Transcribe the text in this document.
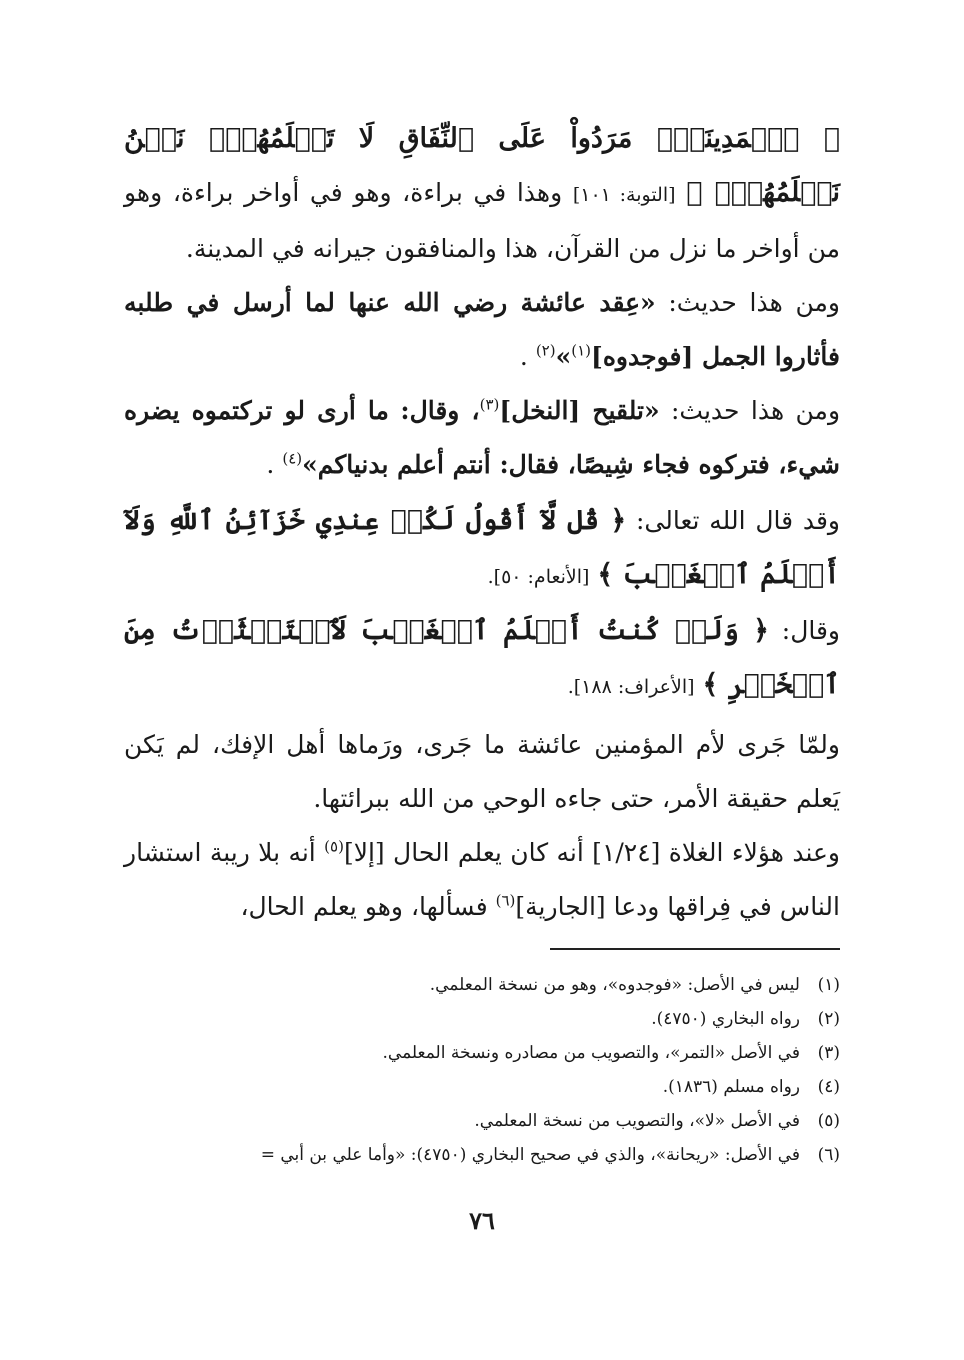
﴿ ٱلۡمَدِينَةِۖ مَرَدُواْ عَلَى ٱلنِّفَاقِ لَا تَعۡلَمُهُمۡۖ نَحۡنُ نَعۡلَمُهُمۡۚ ﴾ [التوبة: ١٠١] وهذا في براءة، وهو في أواخر براءة، وهو من أواخر ما نزل من القرآن، هذا والمنافقون جيرانه في المدينة.

ومن هذا حديث: «عِقد عائشة رضي الله عنها لما أرسل في طلبه فأثاروا الجمل [فوجدوه]$^{(١)}$»$^{(٢)}$ .

ومن هذا حديث: «تلقيح [النخل]$^{(٣)}$، وقال: ما أرى لو تركتموه يضره شيء، فتركوه فجاء شِيصًا، فقال: أنتم أعلم بدنياكم»$^{(٤)}$ .

وقد قال الله تعالى: ﴿ قُل لَّآ أَقُولُ لَكُمۡ عِندِي خَزَآئِنُ ٱللَّهِ وَلَآ أَعۡلَمُ ٱلۡغَيۡبَ ﴾ [الأنعام: ٥٠].

وقال: ﴿ وَلَوۡ كُنتُ أَعۡلَمُ ٱلۡغَيۡبَ لَٱسۡتَكۡثَرۡتُ مِنَ ٱلۡخَيۡرِ ﴾ [الأعراف: ١٨٨].

ولمّا جَرى لأم المؤمنين عائشة ما جَرى، ورَماها أهل الإفك، لم يَكن يَعلم حقيقة الأمر، حتى جاءه الوحي من الله ببرائتها.

وعند هؤلاء الغلاة [١/٢٤] أنه كان يعلم الحال [إلا]$^{(٥)}$ أنه بلا ريبة استشار الناس في فِراقها ودعا [الجارية]$^{(٦)}$ فسألها، وهو يعلم الحال،

(١)ليس في الأصل: «فوجدوه»، وهو من نسخة المعلمي.
(٢)رواه البخاري (٤٧٥٠).
(٣)في الأصل «التمر»، والتصويب من مصادره ونسخة المعلمي.
(٤)رواه مسلم (١٨٣٦).
(٥)في الأصل «لا»، والتصويب من نسخة المعلمي.
(٦)في الأصل: «ريحانة»، والذي في صحيح البخاري (٤٧٥٠): «وأما علي بن أبي =
٧٦
